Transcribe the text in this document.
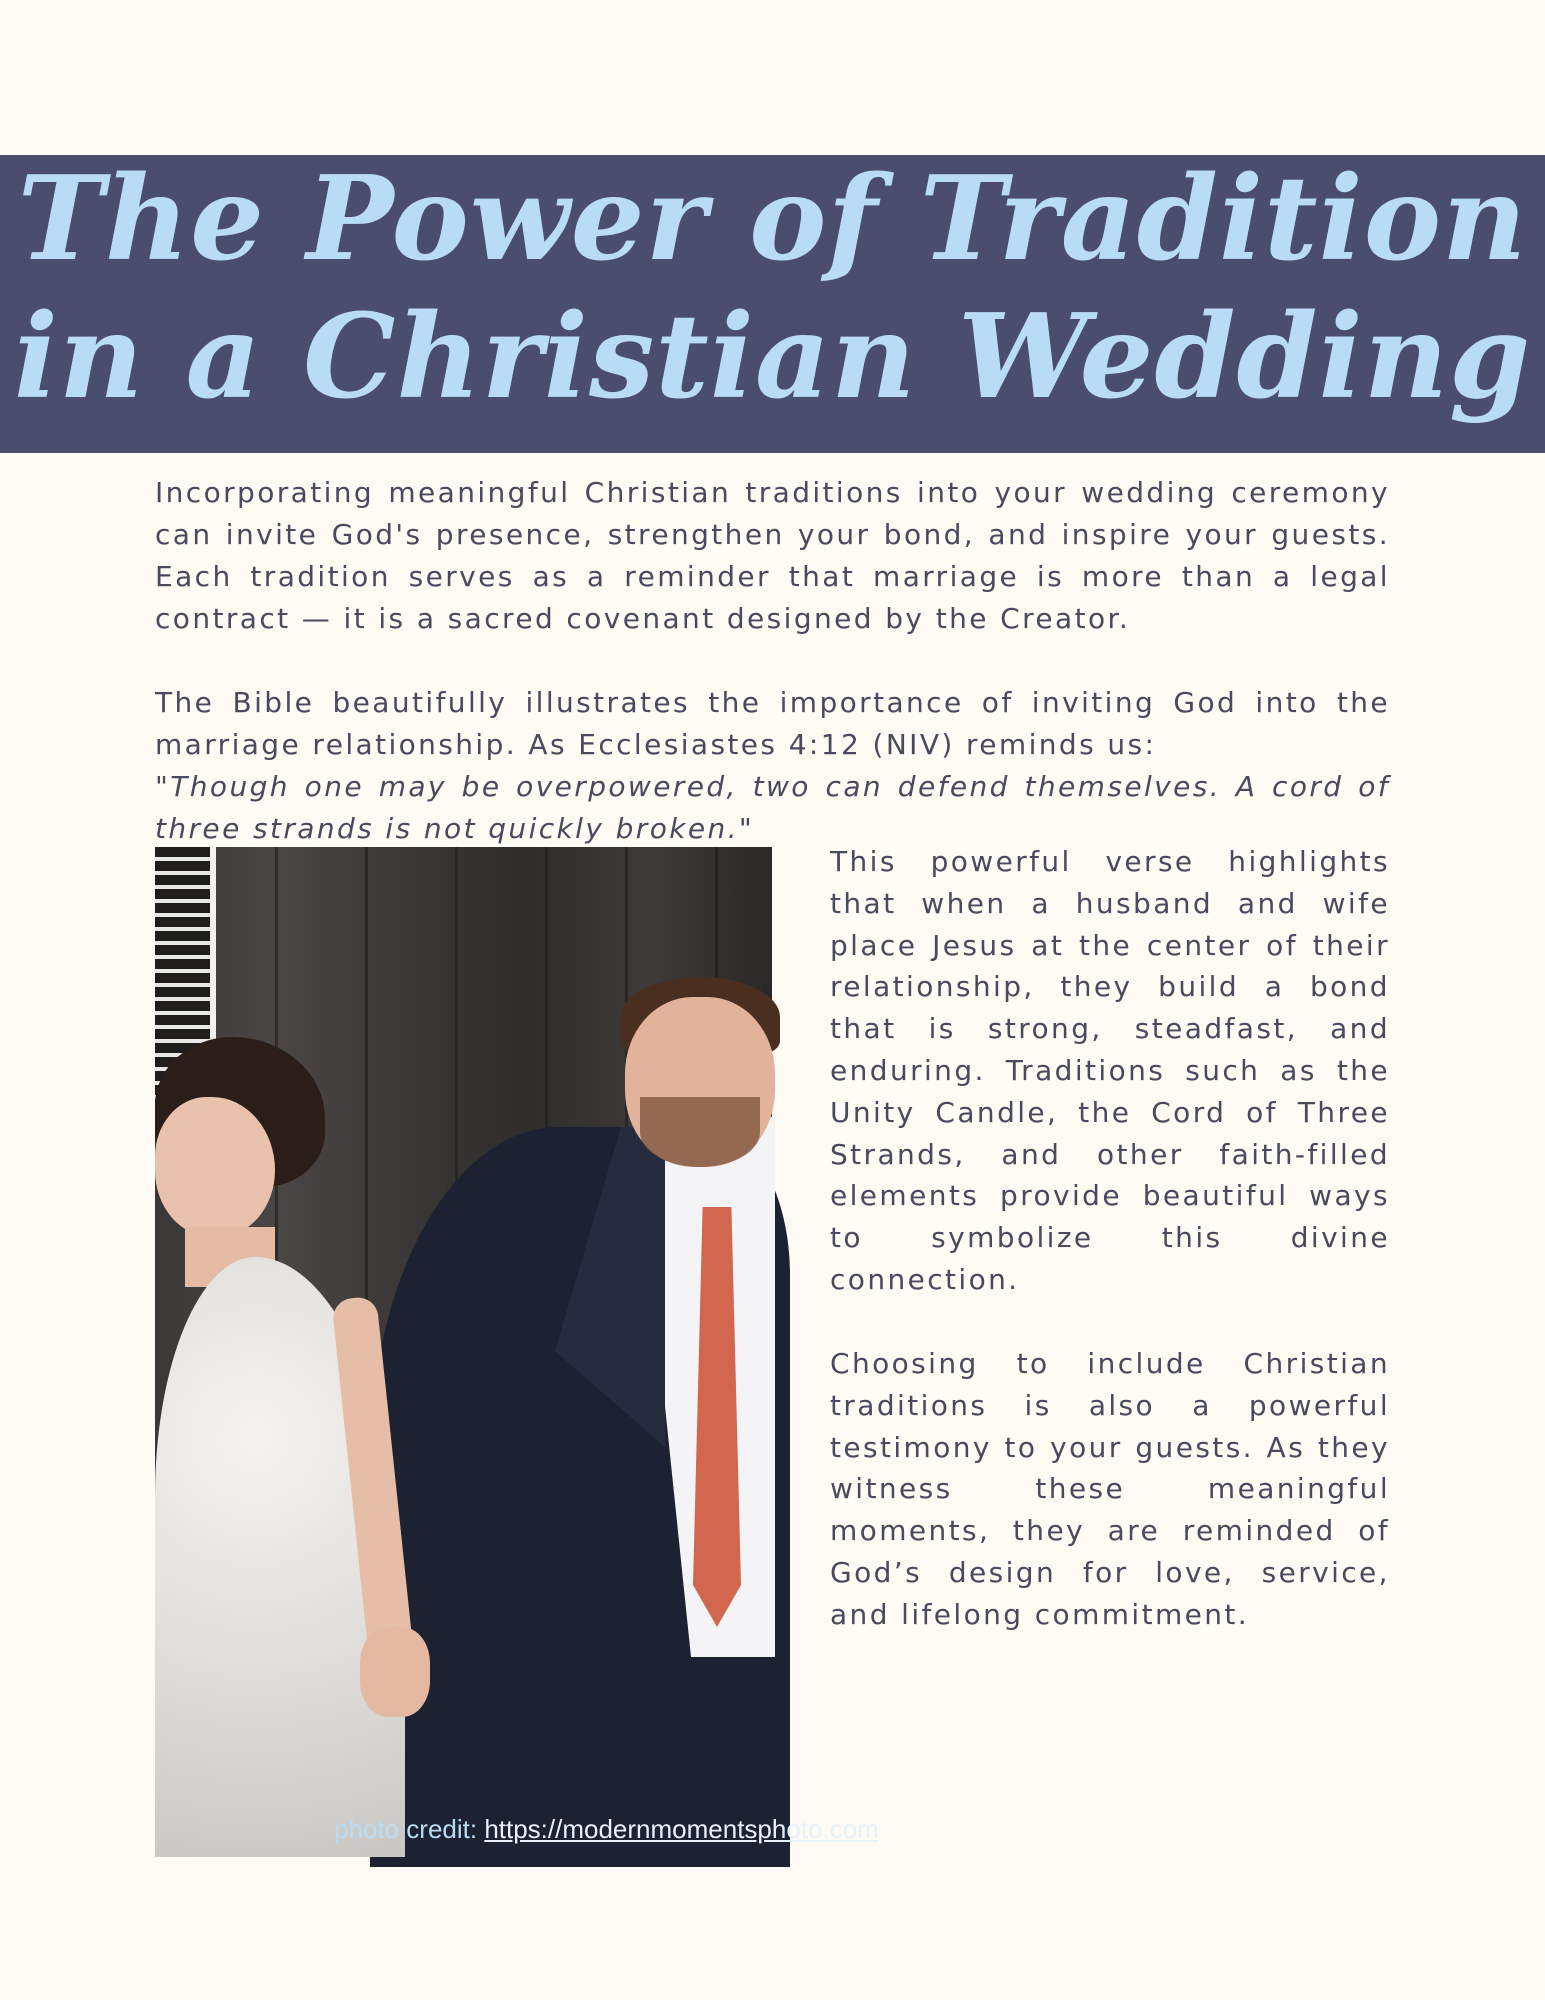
The Power of Tradition in a Christian Wedding

Incorporating meaningful Christian traditions into your wedding ceremony can invite God's presence, strengthen your bond, and inspire your guests. Each tradition serves as a reminder that marriage is more than a legal contract — it is a sacred covenant designed by the Creator.

The Bible beautifully illustrates the importance of inviting God into the marriage relationship. As Ecclesiastes 4:12 (NIV) reminds us:

"Though one may be overpowered, two can defend themselves. A cord of three strands is not quickly broken."

photo credit: https://modernmomentsphoto.com

This powerful verse highlights that when a husband and wife place Jesus at the center of their relationship, they build a bond that is strong, steadfast, and enduring. Traditions such as the Unity Candle, the Cord of Three Strands, and other faith-filled elements provide beautiful ways to symbolize this divine connection.

Choosing to include Christian traditions is also a powerful testimony to your guests. As they witness these meaningful moments, they are reminded of God’s design for love, service, and lifelong commitment.
